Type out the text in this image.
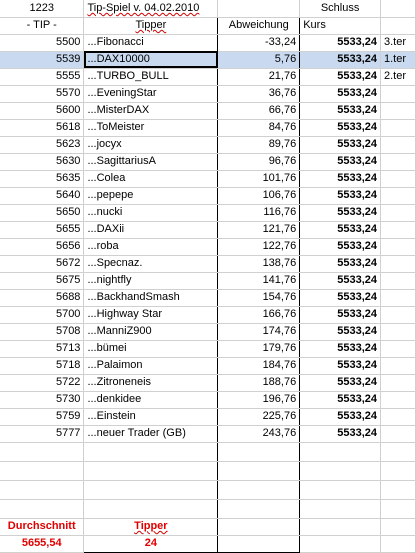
1223	Tip-Spiel v. 04.02.2010		Schluss	
- TIP -	Tipper	Abweichung	Kurs	
5500	...Fibonacci	-33,24	5533,24	3.ter
5539	...DAX10000	5,76	5533,24	1.ter
5555	...TURBO_BULL	21,76	5533,24	2.ter
5570	...EveningStar	36,76	5533,24	
5600	...MisterDAX	66,76	5533,24	
5618	...ToMeister	84,76	5533,24	
5623	...jocyx	89,76	5533,24	
5630	...SagittariusA	96,76	5533,24	
5635	...Colea	101,76	5533,24	
5640	...pepepe	106,76	5533,24	
5650	...nucki	116,76	5533,24	
5655	...DAXii	121,76	5533,24	
5656	...roba	122,76	5533,24	
5672	...Specnaz.	138,76	5533,24	
5675	...nightfly	141,76	5533,24	
5688	...BackhandSmash	154,76	5533,24	
5700	...Highway Star	166,76	5533,24	
5708	...ManniZ900	174,76	5533,24	
5713	...bümei	179,76	5533,24	
5718	...Palaimon	184,76	5533,24	
5722	...Zitroneneis	188,76	5533,24	
5730	...denkidee	196,76	5533,24	
5759	...Einstein	225,76	5533,24	
5777	...neuer Trader (GB)	243,76	5533,24	

Durchschnitt	Tipper			
5655,54	24			
